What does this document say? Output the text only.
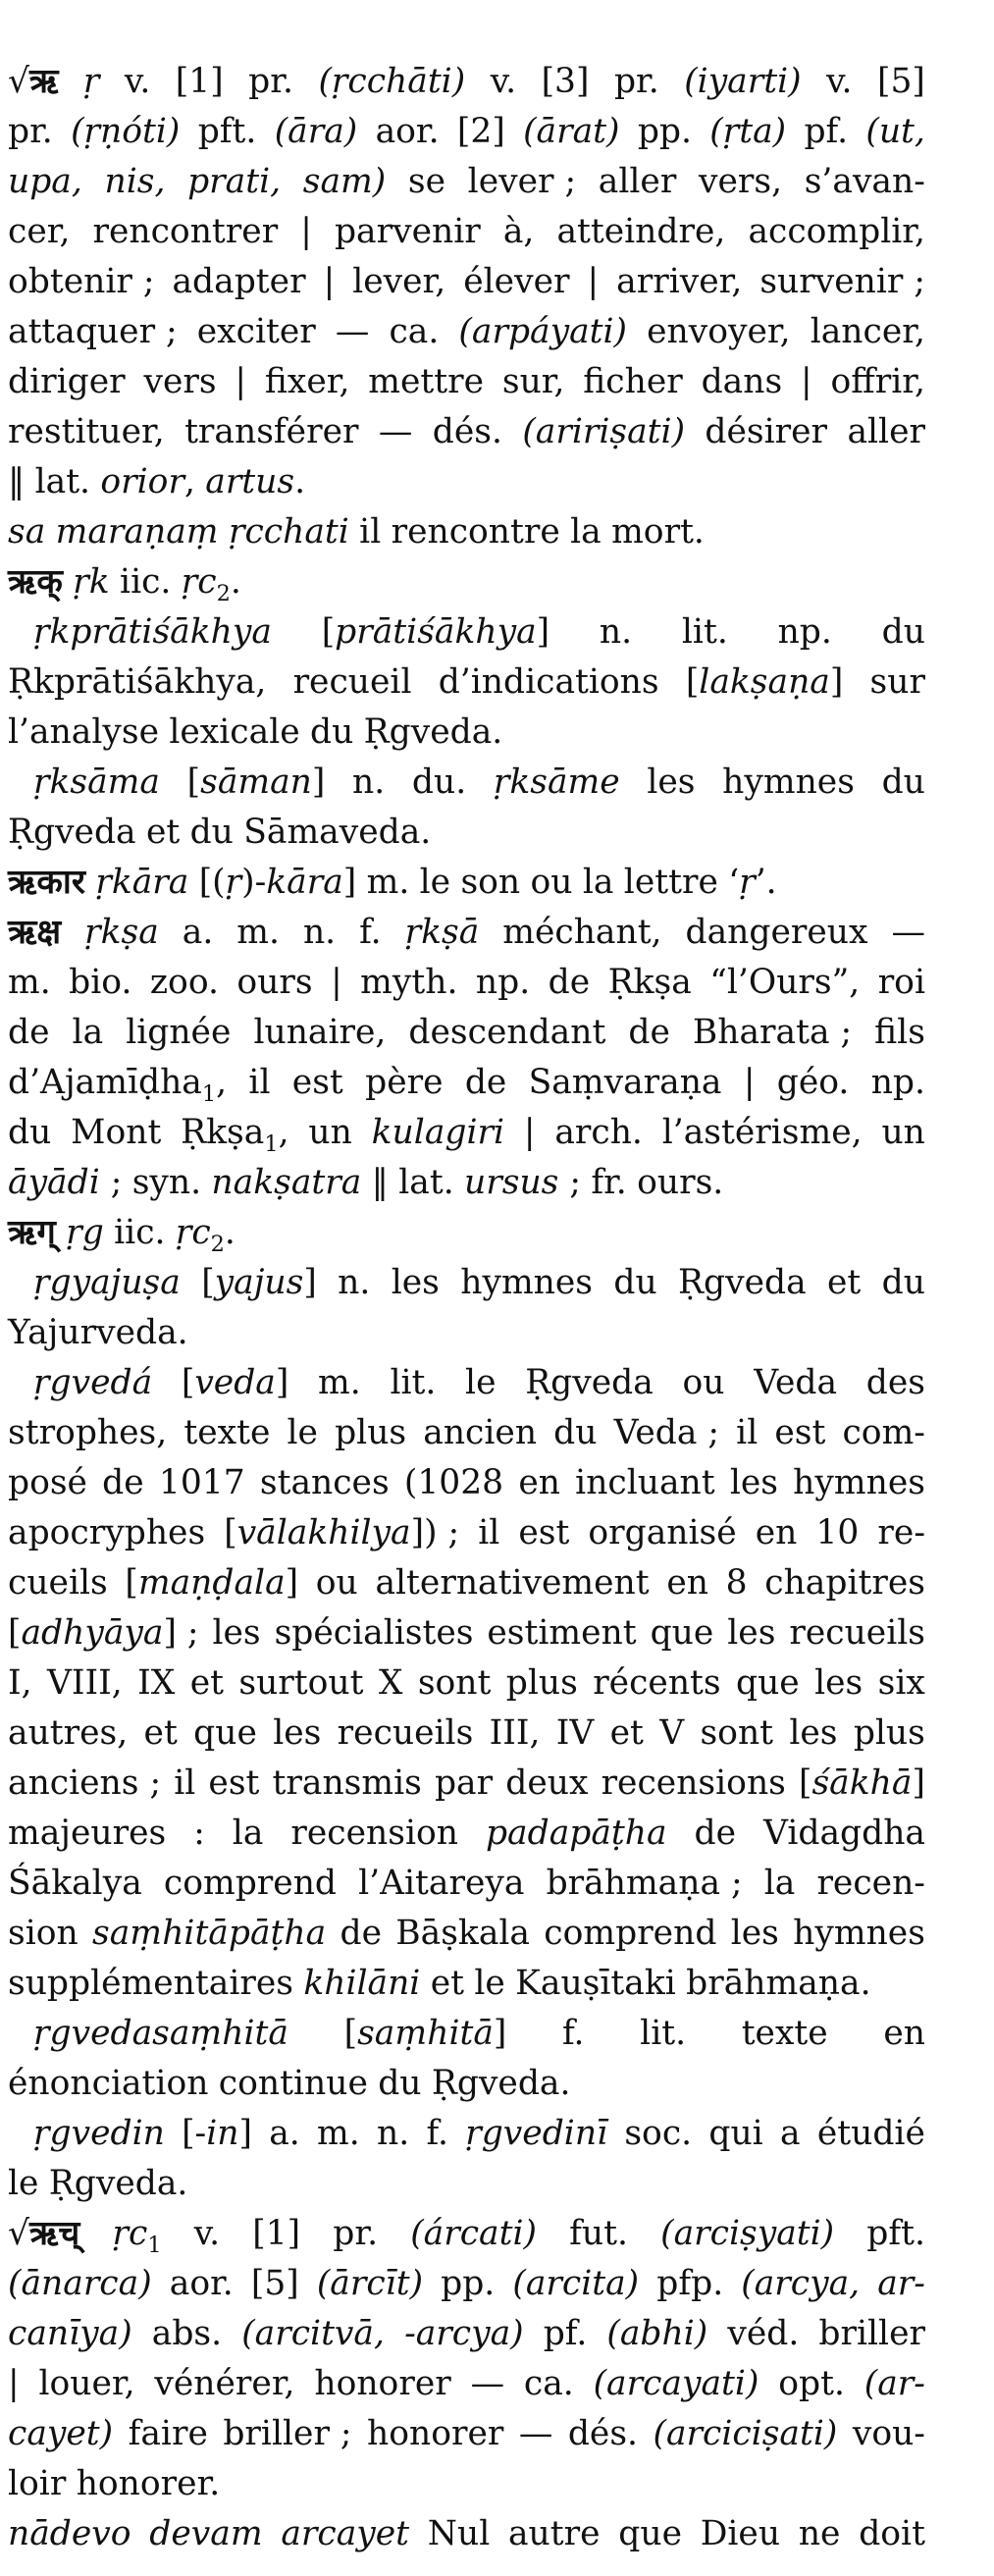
√ऋ ṛ v. [1] pr. (ṛcchāti) v. [3] pr. (iyarti) v. [5]
pr. (ṛṇóti) pft. (āra) aor. [2] (ārat) pp. (ṛta) pf. (ut,
upa, nis, prati, sam) se lever ; aller vers, s’avan-
cer, rencontrer | parvenir à, atteindre, accomplir,
obtenir ; adapter | lever, élever | arriver, survenir ;
attaquer ; exciter — ca. (arpáyati) envoyer, lancer,
diriger vers | fixer, mettre sur, ficher dans | offrir,
restituer, transférer — dés. (aririṣati) désirer aller
‖ lat. orior, artus.
sa maraṇaṃ ṛcchati il rencontre la mort.
ऋक् ṛk iic. ṛc$_2$.
ṛkprātiśākhya [prātiśākhya] n. lit. np. du
Ṛkprātiśākhya, recueil d’indications [lakṣaṇa] sur
l’analyse lexicale du Ṛgveda.
ṛksāma [sāman] n. du. ṛksāme les hymnes du
Ṛgveda et du Sāmaveda.
ऋकार ṛkāra [(ṛ)-kāra] m. le son ou la lettre ‘ṛ’.
ऋक्ष ṛkṣa a. m. n. f. ṛkṣā méchant, dangereux —
m. bio. zoo. ours | myth. np. de Ṛkṣa “l’Ours”, roi
de la lignée lunaire, descendant de Bharata ; fils
d’Ajamīḍha$_1$, il est père de Saṃvaraṇa | géo. np.
du Mont Ṛkṣa$_1$, un kulagiri | arch. l’astérisme, un
āyādi ; syn. nakṣatra ‖ lat. ursus ; fr. ours.
ऋग् ṛg iic. ṛc$_2$.
ṛgyajuṣa [yajus] n. les hymnes du Ṛgveda et du
Yajurveda.
ṛgvedá [veda] m. lit. le Ṛgveda ou Veda des
strophes, texte le plus ancien du Veda ; il est com-
posé de 1017 stances (1028 en incluant les hymnes
apocryphes [vālakhilya]) ; il est organisé en 10 re-
cueils [maṇḍala] ou alternativement en 8 chapitres
[adhyāya] ; les spécialistes estiment que les recueils
I, VIII, IX et surtout X sont plus récents que les six
autres, et que les recueils III, IV et V sont les plus
anciens ; il est transmis par deux recensions [śākhā]
majeures : la recension padapāṭha de Vidagdha
Śākalya comprend l’Aitareya brāhmaṇa ; la recen-
sion saṃhitāpāṭha de Bāṣkala comprend les hymnes
supplémentaires khilāni et le Kauṣītaki brāhmaṇa.
ṛgvedasaṃhitā [saṃhitā] f. lit. texte en
énonciation continue du Ṛgveda.
ṛgvedin [-in] a. m. n. f. ṛgvedinī soc. qui a étudié
le Ṛgveda.
√ऋच् ṛc$_1$ v. [1] pr. (árcati) fut. (arciṣyati) pft.
(ānarca) aor. [5] (ārcīt) pp. (arcita) pfp. (arcya, ar-
canīya) abs. (arcitvā, -arcya) pf. (abhi) véd. briller
| louer, vénérer, honorer — ca. (arcayati) opt. (ar-
cayet) faire briller ; honorer — dés. (arciciṣati) vou-
loir honorer.
nādevo devam arcayet Nul autre que Dieu ne doit
